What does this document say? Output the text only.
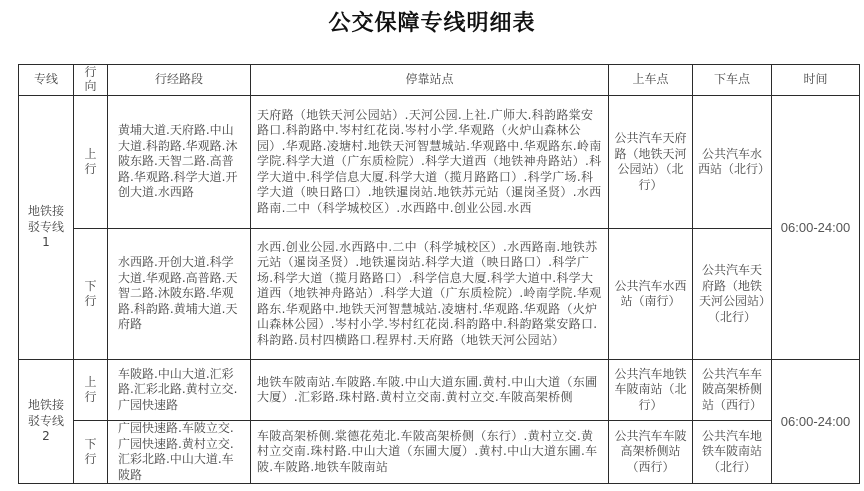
公交保障专线明细表
专线	行向	行经路段	停靠站点	上车点	下车点	时间
地铁接驳专线1	上行	黄埔大道.天府路.中山大道.科韵路.华观路.沐陂东路.天智二路.高普路.华观路.科学大道.开创大道.水西路	天府路（地铁天河公园站）.天河公园.上社.广师大.科韵路棠安路口.科韵路中.岑村红花岗.岑村小学.华观路（火炉山森林公园）.华观路.凌塘村.地铁天河智慧城站.华观路中.华观路东.岭南学院.科学大道（广东质检院）.科学大道西（地铁神舟路站）.科学大道中.科学信息大厦.科学大道（揽月路路口）.科学广场.科学大道（映日路口）.地铁暹岗站.地铁苏元站（暹岗圣贤）.水西路南.二中（科学城校区）.水西路中.创业公园.水西	公共汽车天府路（地铁天河公园站）（北行）	公共汽车水西站（北行）	06:00-24:00
	下行	水西路.开创大道.科学大道.华观路.高普路.天智二路.沐陂东路.华观路.科韵路.黄埔大道.天府路	水西.创业公园.水西路中.二中（科学城校区）.水西路南.地铁苏元站（暹岗圣贤）.地铁暹岗站.科学大道（映日路口）.科学广场.科学大道（揽月路路口）.科学信息大厦.科学大道中.科学大道西（地铁神舟路站）.科学大道（广东质检院）.岭南学院.华观路东.华观路中.地铁天河智慧城站.凌塘村.华观路.华观路（火炉山森林公园）.岑村小学.岑村红花岗.科韵路中.科韵路棠安路口.科韵路.员村四横路口.程界村.天府路（地铁天河公园站）	公共汽车水西站（南行）	公共汽车天府路（地铁天河公园站）（北行）	
地铁接驳专线2	上行	车陂路.中山大道.汇彩路.汇彩北路.黄村立交.广园快速路	地铁车陂南站.车陂路.车陂.中山大道东圃.黄村.中山大道（东圃大厦）.汇彩路.珠村路.黄村立交南.黄村立交.车陂高架桥侧	公共汽车地铁车陂南站（北行）	公共汽车车陂高架桥侧站（西行）	06:00-24:00
	下行	广园快速路.车陂立交.广园快速路.黄村立交.汇彩北路.中山大道.车陂路	车陂高架桥侧.棠德花苑北.车陂高架桥侧（东行）.黄村立交.黄村立交南.珠村路.中山大道（东圃大厦）.黄村.中山大道东圃.车陂.车陂路.地铁车陂南站	公共汽车车陂高架桥侧站（西行）	公共汽车地铁车陂南站（北行）	
